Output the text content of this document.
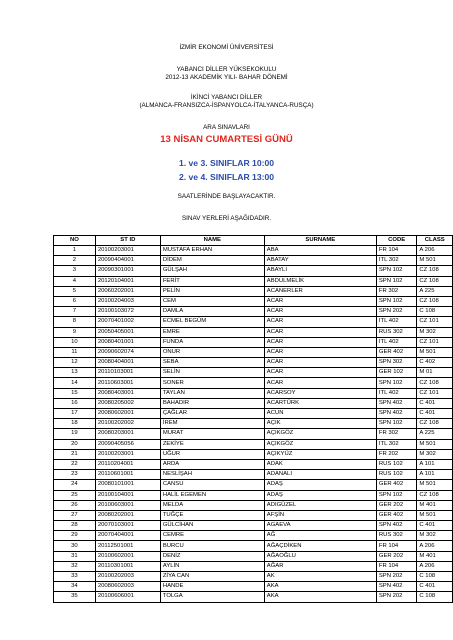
İZMİR EKONOMİ ÜNİVERSİTESİ
YABANCI DİLLER YÜKSEKOKULU
2012-13 AKADEMİK YILI- BAHAR DÖNEMİ
İKİNCİ YABANCI DİLLER
(ALMANCA-FRANSIZCA-İSPANYOLCA-İTALYANCA-RUSÇA)
ARA SINAVLARI
13 NİSAN CUMARTESİ GÜNÜ
1. ve 3. SINIFLAR 10:00
2. ve 4. SINIFLAR 13:00
SAATLERİNDE BAŞLAYACAKTIR.
SINAV YERLERİ AŞAĞIDADIR.
NO	ST ID	NAME	SURNAME	CODE	CLASS
1	20100203001	MUSTAFA ERHAN	ABA	FR 104	A 206
2	20090404001	DİDEM	ABATAY	ITL 302	M 501
3	20090301001	GÜLŞAH	ABAYLI	SPN 102	CZ 108
4	20120104001	FERİT	ABDULMELİK	SPN 102	CZ 108
5	20060202001	PELİN	ACANERLER	FR 302	A 225
6	20100204003	CEM	ACAR	SPN 102	CZ 108
7	20100103072	DAMLA	ACAR	SPN 202	C 108
8	20070401002	ECMEL BEGÜM	ACAR	ITL 402	CZ 101
9	20050405001	EMRE	ACAR	RUS 302	M 302
10	20080401001	FUNDA	ACAR	ITL 402	CZ 101
11	20090602074	ONUR	ACAR	GER 402	M 501
12	20080404001	SEBA	ACAR	SPN 302	C 402
13	20110103001	SELİN	ACAR	GER 102	M 01
14	20110603001	SONER	ACAR	SPN 102	CZ 108
15	20080403001	TAYLAN	ACARSOY	ITL 402	CZ 101
16	20080205002	BAHADIR	ACARTÜRK	SPN 402	C 401
17	20080602001	ÇAĞLAR	ACUN	SPN 402	C 401
18	20100202002	İREM	AÇIK	SPN 102	CZ 108
19	20080203001	MURAT	AÇIKGÖZ	FR 302	A 225
20	20090405056	ZEKİYE	AÇIKGÖZ	ITL 302	M 501
21	20100203001	UĞUR	AÇIKYÜZ	FR 202	M 302
22	20110204001	ARDA	ADAK	RUS 102	A 101
23	20110601001	NESLİŞAH	ADANALI	RUS 102	A 101
24	20080101001	CANSU	ADAŞ	GER 402	M 501
25	20100104001	HALİL EGEMEN	ADAŞ	SPN 102	CZ 108
26	20100603001	MELDA	ADIGÜZEL	GER 202	M 401
27	20080202001	TUĞÇE	AFŞİN	GER 402	M 501
28	20070103001	GÜLCİHAN	AGAEVA	SPN 402	C 401
29	20070404001	CEMRE	AĞ	RUS 302	M 302
30	20112501001	BURCU	AĞAÇDİKEN	FR 104	A 206
31	20100602001	DENİZ	AĞAOĞLU	GER 202	M 401
32	20110301001	AYLİN	AĞAR	FR 104	A 206
33	20100202003	ZİYA CAN	AK	SPN 202	C 108
34	20080602003	HANDE	AKA	SPN 402	C 401
35	20100606001	TOLGA	AKA	SPN 202	C 108
